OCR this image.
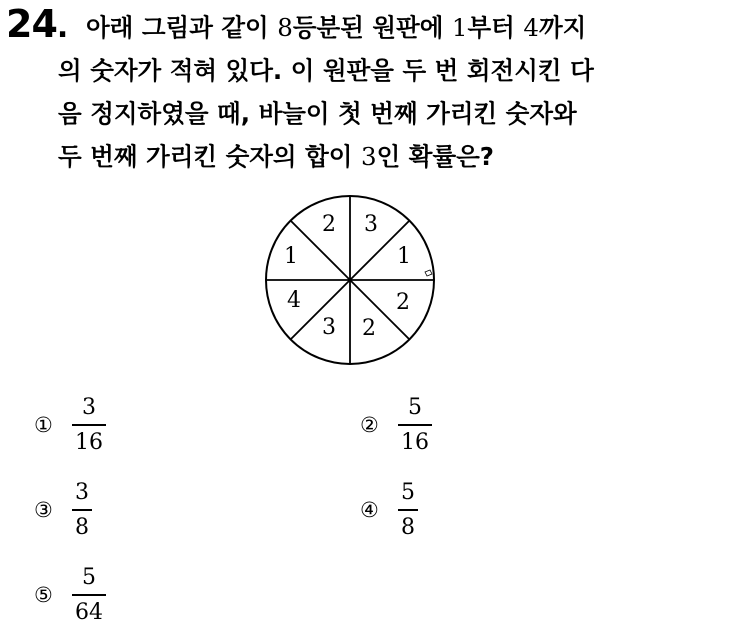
24. 아래 그림과 같이 8등분된 원판에 1부터 4까지
의 숫자가 적혀 있다. 이 원판을 두 번 회전시킨 다
음 정지하였을 때, 바늘이 첫 번째 가리킨 숫자와
두 번째 가리킨 숫자의 합이 3인 확률은?
2 3
1
2
2
3
4
1
① $\frac{3}{16}$	② $\frac{5}{16}$
③ $\frac{3}{8}$	④ $\frac{5}{8}$
⑤ $\frac{5}{64}$
